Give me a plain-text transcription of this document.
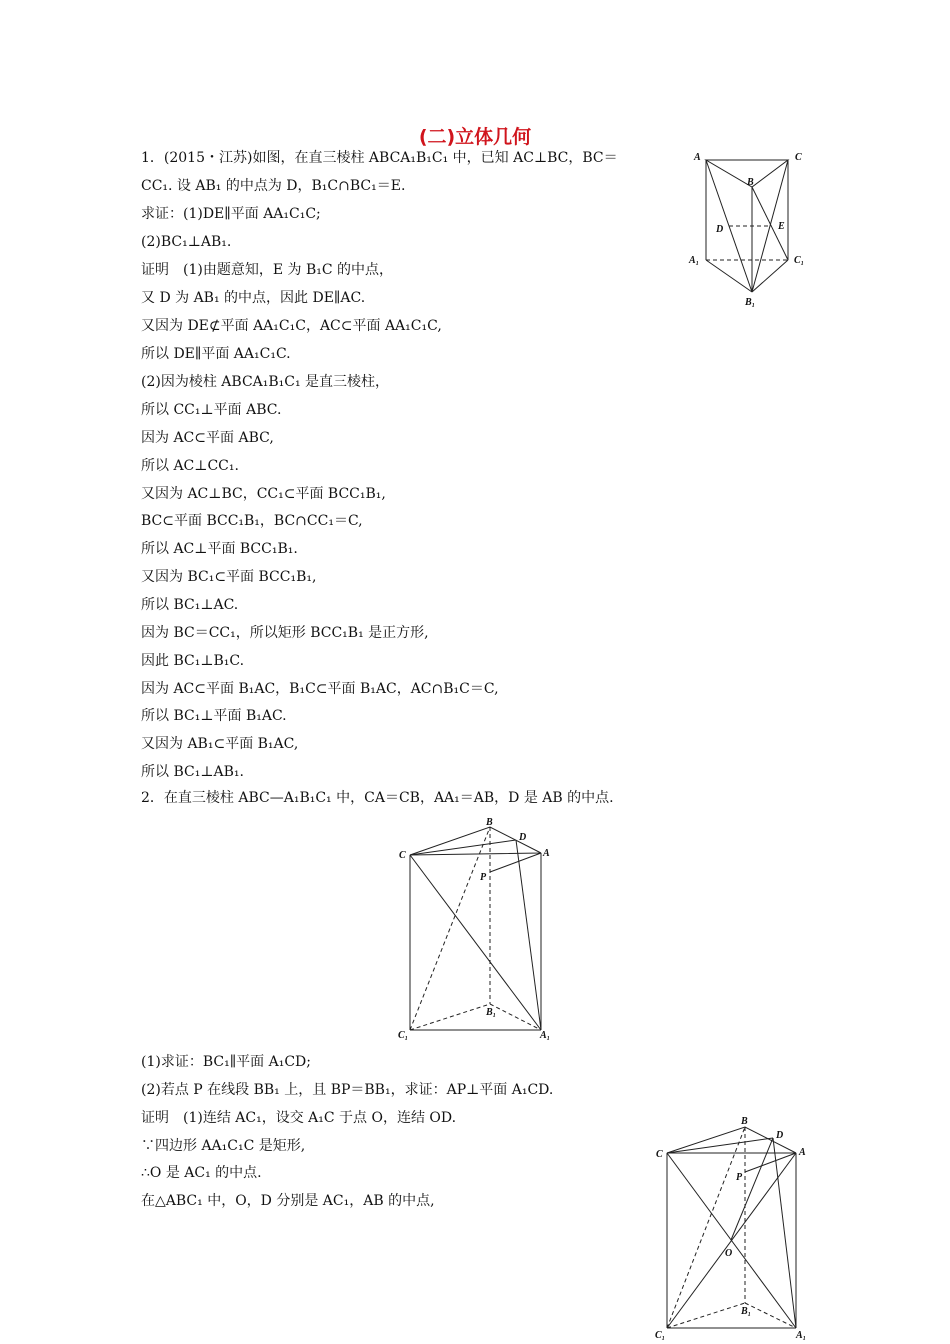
(二)立体几何
1．(2015・江苏)如图，在直三棱柱 ABCA₁B₁C₁ 中，已知 AC⊥BC，BC＝
CC₁. 设 AB₁ 的中点为 D，B₁C∩BC₁＝E.
求证：(1)DE∥平面 AA₁C₁C;
(2)BC₁⊥AB₁.
证明　(1)由题意知，E 为 B₁C 的中点，
又 D 为 AB₁ 的中点，因此 DE∥AC.
又因为 DE⊄平面 AA₁C₁C，AC⊂平面 AA₁C₁C,
所以 DE∥平面 AA₁C₁C.
(2)因为棱柱 ABCA₁B₁C₁ 是直三棱柱，
所以 CC₁⊥平面 ABC.
因为 AC⊂平面 ABC,
所以 AC⊥CC₁.
又因为 AC⊥BC，CC₁⊂平面 BCC₁B₁,
BC⊂平面 BCC₁B₁，BC∩CC₁＝C,
所以 AC⊥平面 BCC₁B₁.
又因为 BC₁⊂平面 BCC₁B₁,
所以 BC₁⊥AC.
因为 BC＝CC₁，所以矩形 BCC₁B₁ 是正方形,
因此 BC₁⊥B₁C.
因为 AC⊂平面 B₁AC，B₁C⊂平面 B₁AC，AC∩B₁C＝C,
所以 BC₁⊥平面 B₁AC.
又因为 AB₁⊂平面 B₁AC,
所以 BC₁⊥AB₁.
A	C
B
D	E
A₁	C₁
B₁
2．在直三棱柱 ABC—A₁B₁C₁ 中，CA＝CB，AA₁＝AB，D 是 AB 的中点.
C
B
D
A
P
B₁
C₁	A₁
(1)求证：BC₁∥平面 A₁CD;
(2)若点 P 在线段 BB₁ 上，且 BP＝BB₁，求证：AP⊥平面 A₁CD.
证明　(1)连结 AC₁，设交 A₁C 于点 O，连结 OD.
∵四边形 AA₁C₁C 是矩形,
∴O 是 AC₁ 的中点.
在△ABC₁ 中，O，D 分别是 AC₁，AB 的中点,
C
B
D
A
P
O
B₁
C₁	A₁
